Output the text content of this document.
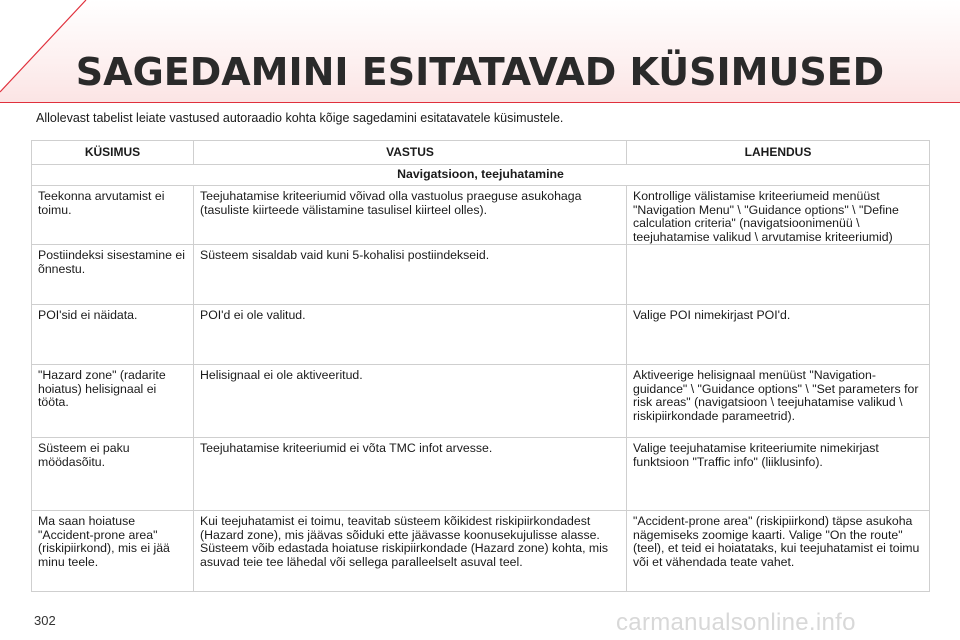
SAGEDAMINI ESITATAVAD KÜSIMUSED
Allolevast tabelist leiate vastused autoraadio kohta kõige sagedamini esitatavatele küsimustele.
KÜSIMUS	VASTUS	LAHENDUS
Navigatsioon, teejuhatamine		
Teekonna arvutamist ei toimu.	Teejuhatamise kriteeriumid võivad olla vastuolus praeguse asukohaga (tasuliste kiirteede välistamine tasulisel kiirteel olles).	Kontrollige välistamise kriteeriumeid menüüst "Navigation Menu" \ "Guidance options" \ "Define calculation criteria" (navigatsioonimenüü \ teejuhatamise valikud \ arvutamise kriteeriumid)
Postiindeksi sisestamine ei õnnestu.	Süsteem sisaldab vaid kuni 5-kohalisi postiindekseid.	
POI'sid ei näidata.	POI'd ei ole valitud.	Valige POI nimekirjast POI'd.
"Hazard zone" (radarite hoiatus) helisignaal ei tööta.	Helisignaal ei ole aktiveeritud.	Aktiveerige helisignaal menüüst "Navigation-guidance" \ "Guidance options" \ "Set parameters for risk areas" (navigatsioon \ teejuhatamise valikud \ riskipiirkondade parameetrid).
Süsteem ei paku möödasõitu.	Teejuhatamise kriteeriumid ei võta TMC infot arvesse.	Valige teejuhatamise kriteeriumite nimekirjast funktsioon "Traffic info" (liiklusinfo).
Ma saan hoiatuse "Accident-prone area" (riskipiirkond), mis ei jää minu teele.	Kui teejuhatamist ei toimu, teavitab süsteem kõikidest riskipiirkondadest (Hazard zone), mis jäävas sõiduki ette jäävasse koonusekujulisse alasse. Süsteem võib edastada hoiatuse riskipiirkondade (Hazard zone) kohta, mis asuvad teie tee lähedal või sellega paralleelselt asuval teel.	"Accident-prone area" (riskipiirkond) täpse asukoha nägemiseks zoomige kaarti. Valige "On the route" (teel), et teid ei hoiatataks, kui teejuhatamist ei toimu või et vähendada teate vahet.
302	carmanualsonline.info
